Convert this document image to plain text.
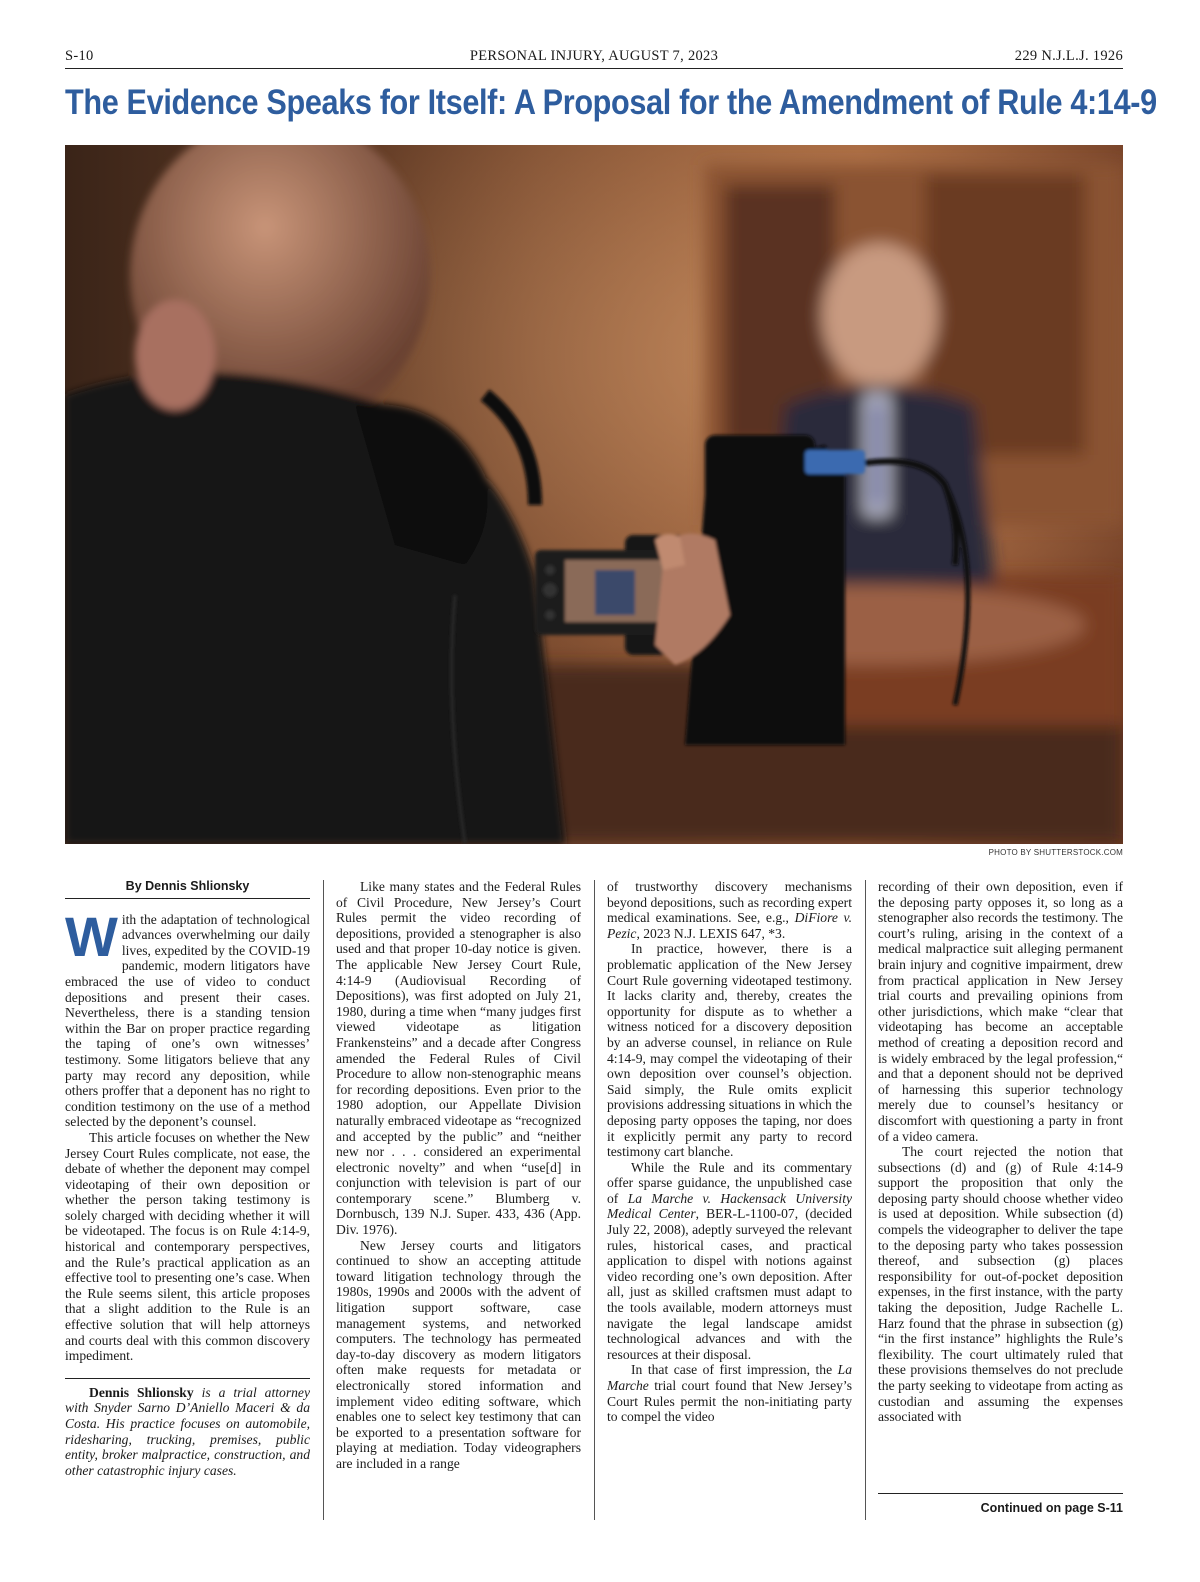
PERSONAL INJURY, AUGUST 7, 2023
S-10	229 N.J.L.J. 1926
The Evidence Speaks for Itself: A Proposal for the Amendment of Rule 4:14-9
PHOTO BY SHUTTERSTOCK.COM
By Dennis Shlionsky

With the adaptation of technological advances overwhelming our daily lives, expedited by the COVID-19 pandemic, modern litigators have embraced the use of video to conduct depositions and present their cases. Nevertheless, there is a standing tension within the Bar on proper practice regarding the taping of one’s own witnesses’ testimony. Some litigators believe that any party may record any deposition, while others proffer that a deponent has no right to condition testimony on the use of a method selected by the deponent’s counsel.

This article focuses on whether the New Jersey Court Rules complicate, not ease, the debate of whether the deponent may compel videotaping of their own deposition or whether the person taking testimony is solely charged with deciding whether it will be videotaped. The focus is on Rule 4:14-9, historical and contemporary perspectives, and the Rule’s practical application as an effective tool to presenting one’s case. When the Rule seems silent, this article proposes that a slight addition to the Rule is an effective solution that will help attorneys and courts deal with this common discovery impediment.

Dennis Shlionsky is a trial attorney with Snyder Sarno D’Aniello Maceri & da Costa. His practice focuses on automobile, ridesharing, trucking, premises, public entity, broker malpractice, construction, and other catastrophic injury cases.

Like many states and the Federal Rules of Civil Procedure, New Jersey’s Court Rules permit the video recording of depositions, provided a stenographer is also used and that proper 10-day notice is given. The applicable New Jersey Court Rule, 4:14-9 (Audiovisual Recording of Depositions), was first adopted on July 21, 1980, during a time when “many judges first viewed videotape as litigation Frankensteins” and a decade after Congress amended the Federal Rules of Civil Procedure to allow non-stenographic means for recording depositions. Even prior to the 1980 adoption, our Appellate Division naturally embraced videotape as “recognized and accepted by the public” and “neither new nor . . . considered an experimental electronic novelty” and when “use[d] in conjunction with television is part of our contemporary scene.” Blumberg v. Dornbusch, 139 N.J. Super. 433, 436 (App. Div. 1976).

New Jersey courts and litigators continued to show an accepting attitude toward litigation technology through the 1980s, 1990s and 2000s with the advent of litigation support software, case management systems, and networked computers. The technology has permeated day-to-day discovery as modern litigators often make requests for metadata or electronically stored information and implement video editing software, which enables one to select key testimony that can be exported to a presentation software for playing at mediation. Today videographers are included in a range

of trustworthy discovery mechanisms beyond depositions, such as recording expert medical examinations. See, e.g., DiFiore v. Pezic, 2023 N.J. LEXIS 647, *3.

In practice, however, there is a problematic application of the New Jersey Court Rule governing videotaped testimony. It lacks clarity and, thereby, creates the opportunity for dispute as to whether a witness noticed for a discovery deposition by an adverse counsel, in reliance on Rule 4:14-9, may compel the videotaping of their own deposition over counsel’s objection. Said simply, the Rule omits explicit provisions addressing situations in which the deposing party opposes the taping, nor does it explicitly permit any party to record testimony cart blanche.

While the Rule and its commentary offer sparse guidance, the unpublished case of La Marche v. Hackensack University Medical Center, BER-L-1100-07, (decided July 22, 2008), adeptly surveyed the relevant rules, historical cases, and practical application to dispel with notions against video recording one’s own deposition. After all, just as skilled craftsmen must adapt to the tools available, modern attorneys must navigate the legal landscape amidst technological advances and with the resources at their disposal.

In that case of first impression, the La Marche trial court found that New Jersey’s Court Rules permit the non-initiating party to compel the video

recording of their own deposition, even if the deposing party opposes it, so long as a stenographer also records the testimony. The court’s ruling, arising in the context of a medical malpractice suit alleging permanent brain injury and cognitive impairment, drew from practical application in New Jersey trial courts and prevailing opinions from other jurisdictions, which make “clear that videotaping has become an acceptable method of creating a deposition record and is widely embraced by the legal profession,“ and that a deponent should not be deprived of harnessing this superior technology merely due to counsel’s hesitancy or discomfort with questioning a party in front of a video camera.

The court rejected the notion that subsections (d) and (g) of Rule 4:14-9 support the proposition that only the deposing party should choose whether video is used at deposition. While subsection (d) compels the videographer to deliver the tape to the deposing party who takes possession thereof, and subsection (g) places responsibility for out-of-pocket deposition expenses, in the first instance, with the party taking the deposition, Judge Rachelle L. Harz found that the phrase in subsection (g) “in the first instance” highlights the Rule’s flexibility. The court ultimately ruled that these provisions themselves do not preclude the party seeking to videotape from acting as custodian and assuming the expenses associated with

Continued on page S-11
